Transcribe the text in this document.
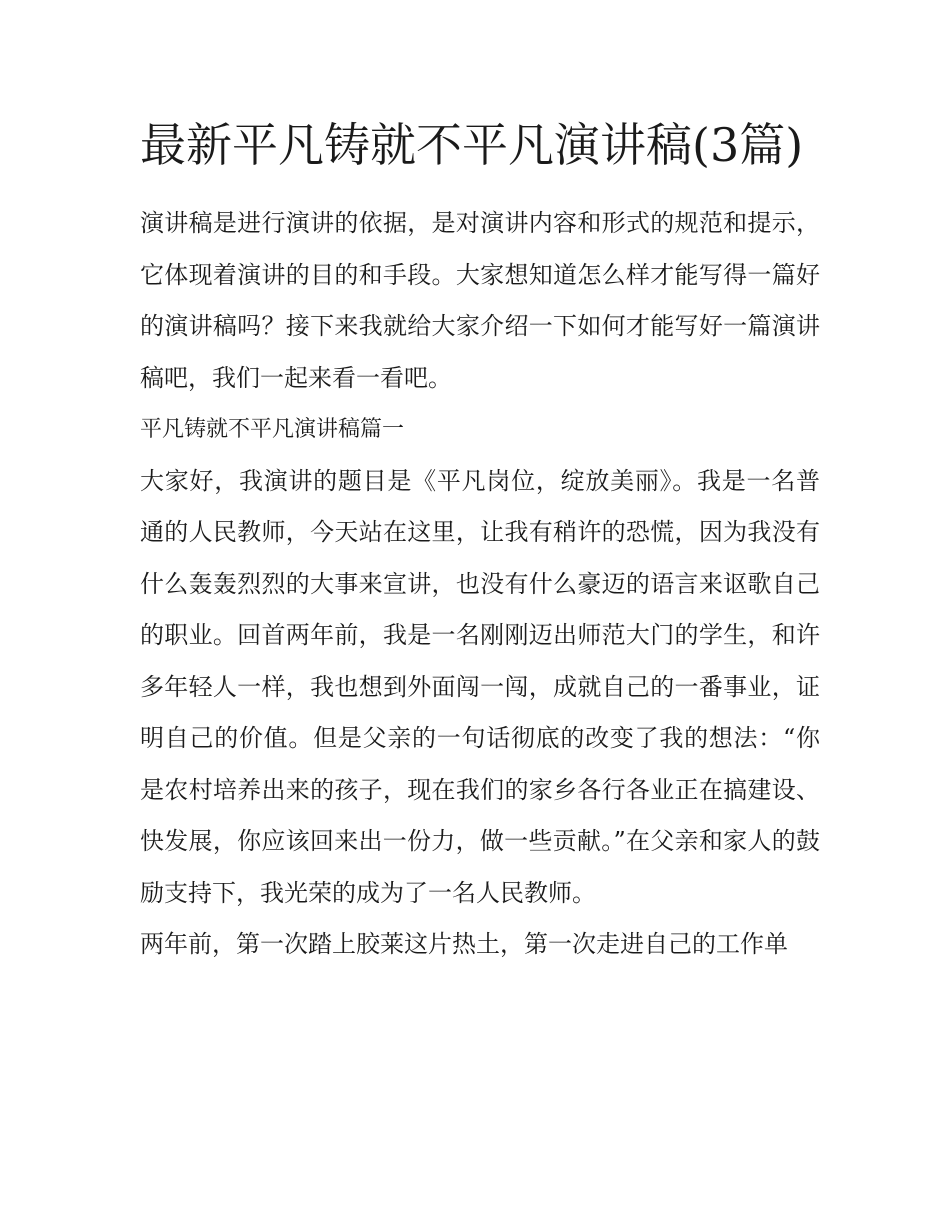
最新平凡铸就不平凡演讲稿(3篇)

演讲稿是进行演讲的依据，是对演讲内容和形式的规范和提示，它体现着演讲的目的和手段。大家想知道怎么样才能写得一篇好的演讲稿吗？接下来我就给大家介绍一下如何才能写好一篇演讲稿吧，我们一起来看一看吧。

平凡铸就不平凡演讲稿篇一

大家好，我演讲的题目是《平凡岗位，绽放美丽》。我是一名普通的人民教师，今天站在这里，让我有稍许的恐慌，因为我没有什么轰轰烈烈的大事来宣讲，也没有什么豪迈的语言来讴歌自己的职业。回首两年前，我是一名刚刚迈出师范大门的学生，和许多年轻人一样，我也想到外面闯一闯，成就自己的一番事业，证明自己的价值。但是父亲的一句话彻底的改变了我的想法：“你是农村培养出来的孩子，现在我们的家乡各行各业正在搞建设、快发展，你应该回来出一份力，做一些贡献。”在父亲和家人的鼓励支持下，我光荣的成为了一名人民教师。

两年前，第一次踏上胶莱这片热土，第一次走进自己的工作单
